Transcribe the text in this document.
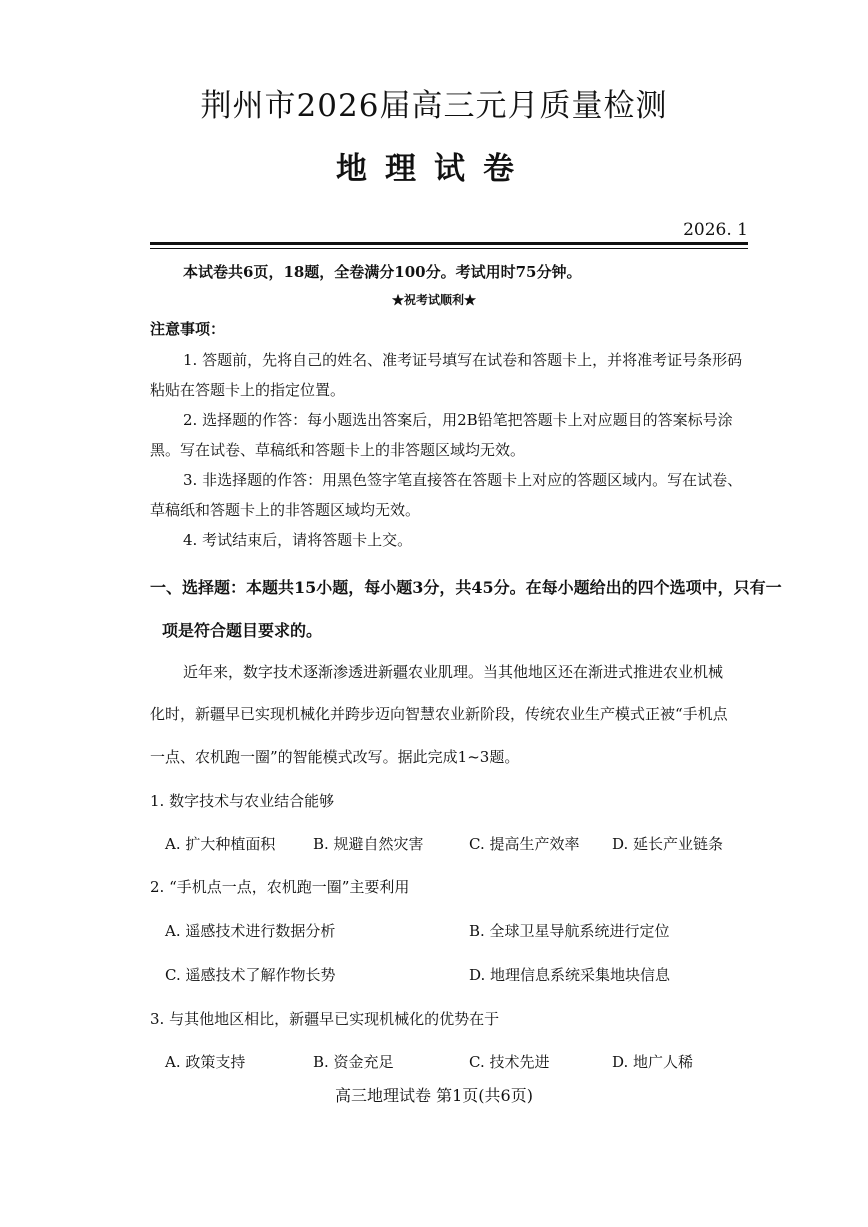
荆州市2026届高三元月质量检测
地理试卷
2026. 1
本试卷共6页，18题，全卷满分100分。考试用时75分钟。
★祝考试顺利★
注意事项：
1. 答题前，先将自己的姓名、准考证号填写在试卷和答题卡上，并将准考证号条形码
粘贴在答题卡上的指定位置。
2. 选择题的作答：每小题选出答案后，用2B铅笔把答题卡上对应题目的答案标号涂
黑。写在试卷、草稿纸和答题卡上的非答题区域均无效。
3. 非选择题的作答：用黑色签字笔直接答在答题卡上对应的答题区域内。写在试卷、
草稿纸和答题卡上的非答题区域均无效。
4. 考试结束后，请将答题卡上交。
一、选择题：本题共15小题，每小题3分，共45分。在每小题给出的四个选项中，只有一
项是符合题目要求的。
近年来，数字技术逐渐渗透进新疆农业肌理。当其他地区还在渐进式推进农业机械
化时，新疆早已实现机械化并跨步迈向智慧农业新阶段，传统农业生产模式正被“手机点
一点、农机跑一圈”的智能模式改写。据此完成1~3题。
1. 数字技术与农业结合能够
A. 扩大种植面积	B. 规避自然灾害	C. 提高生产效率 D. 延长产业链条
2. “手机点一点，农机跑一圈”主要利用
A. 遥感技术进行数据分析	B. 全球卫星导航系统进行定位
C. 遥感技术了解作物长势	D. 地理信息系统采集地块信息
3. 与其他地区相比，新疆早已实现机械化的优势在于
A. 政策支持	B. 资金充足	C. 技术先进	D. 地广人稀
高三地理试卷 第1页(共6页)
